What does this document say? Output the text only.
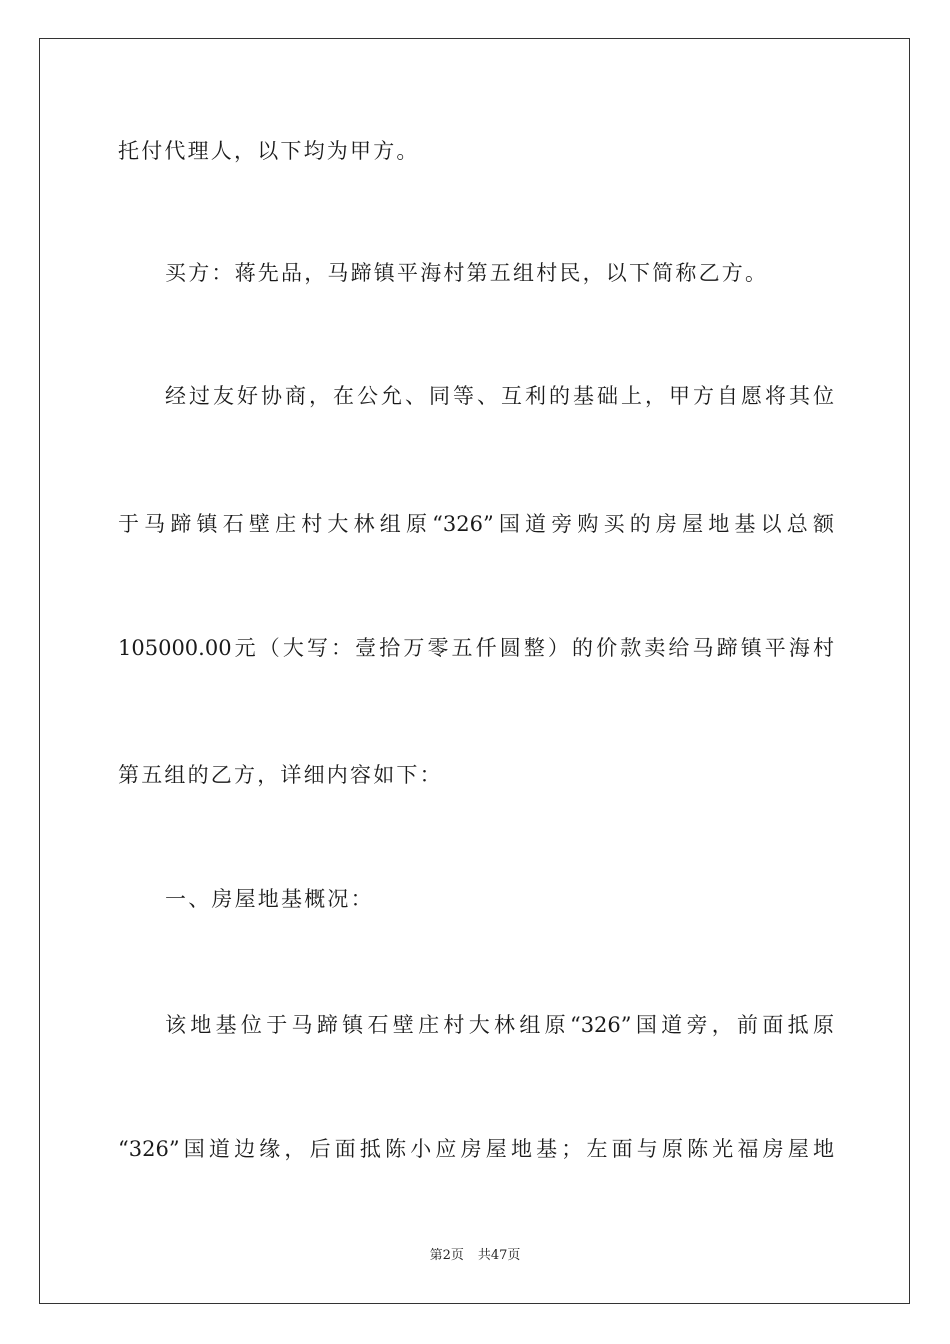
托付代理人，以下均为甲方。
买方：蒋先品，马蹄镇平海村第五组村民，以下简称乙方。
经过友好协商，在公允、同等、互利的基础上，甲方自愿将其位
于马蹄镇石壁庄村大林组原“326”国道旁购买的房屋地基以总额
105000.00元（大写：壹拾万零五仟圆整）的价款卖给马蹄镇平海村
第五组的乙方，详细内容如下：
一、房屋地基概况：
该地基位于马蹄镇石壁庄村大林组原“326”国道旁，前面抵原
“326”国道边缘，后面抵陈小应房屋地基；左面与原陈光福房屋地
第2页 共47页
